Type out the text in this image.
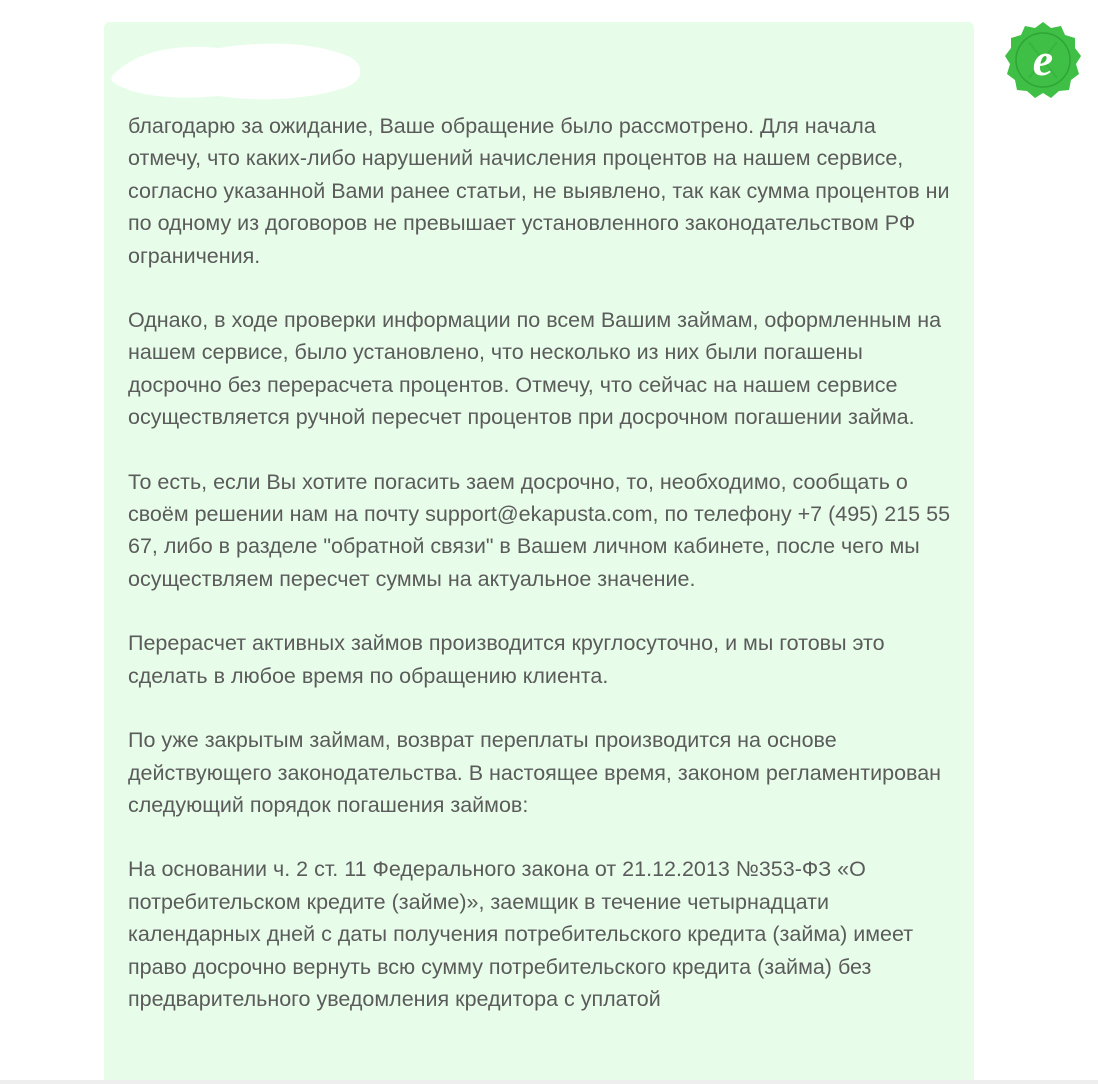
благодарю за ожидание, Ваше обращение было рассмотрено. Для начала отмечу, что каких-либо нарушений начисления процентов на нашем сервисе, согласно указанной Вами ранее статьи, не выявлено, так как сумма процентов ни по одному из договоров не превышает установленного законодательством РФ ограничения.

Однако, в ходе проверки информации по всем Вашим займам, оформленным на нашем сервисе, было установлено, что несколько из них были погашены досрочно без перерасчета процентов. Отмечу, что сейчас на нашем сервисе осуществляется ручной пересчет процентов при досрочном погашении займа.

То есть, если Вы хотите погасить заем досрочно, то, необходимо, сообщать о своём решении нам на почту support@ekapusta.com, по телефону +7 (495) 215 55 67, либо в разделе "обратной связи" в Вашем личном кабинете, после чего мы осуществляем пересчет суммы на актуальное значение.

Перерасчет активных займов производится круглосуточно, и мы готовы это сделать в любое время по обращению клиента.

По уже закрытым займам, возврат переплаты производится на основе действующего законодательства. В настоящее время, законом регламентирован следующий порядок погашения займов:

На основании ч. 2 ст. 11 Федерального закона от 21.12.2013 №353-ФЗ «О потребительском кредите (займе)», заемщик в течение четырнадцати календарных дней с даты получения потребительского кредита (займа) имеет право досрочно вернуть всю сумму потребительского кредита (займа) без предварительного уведомления кредитора с уплатой

e
